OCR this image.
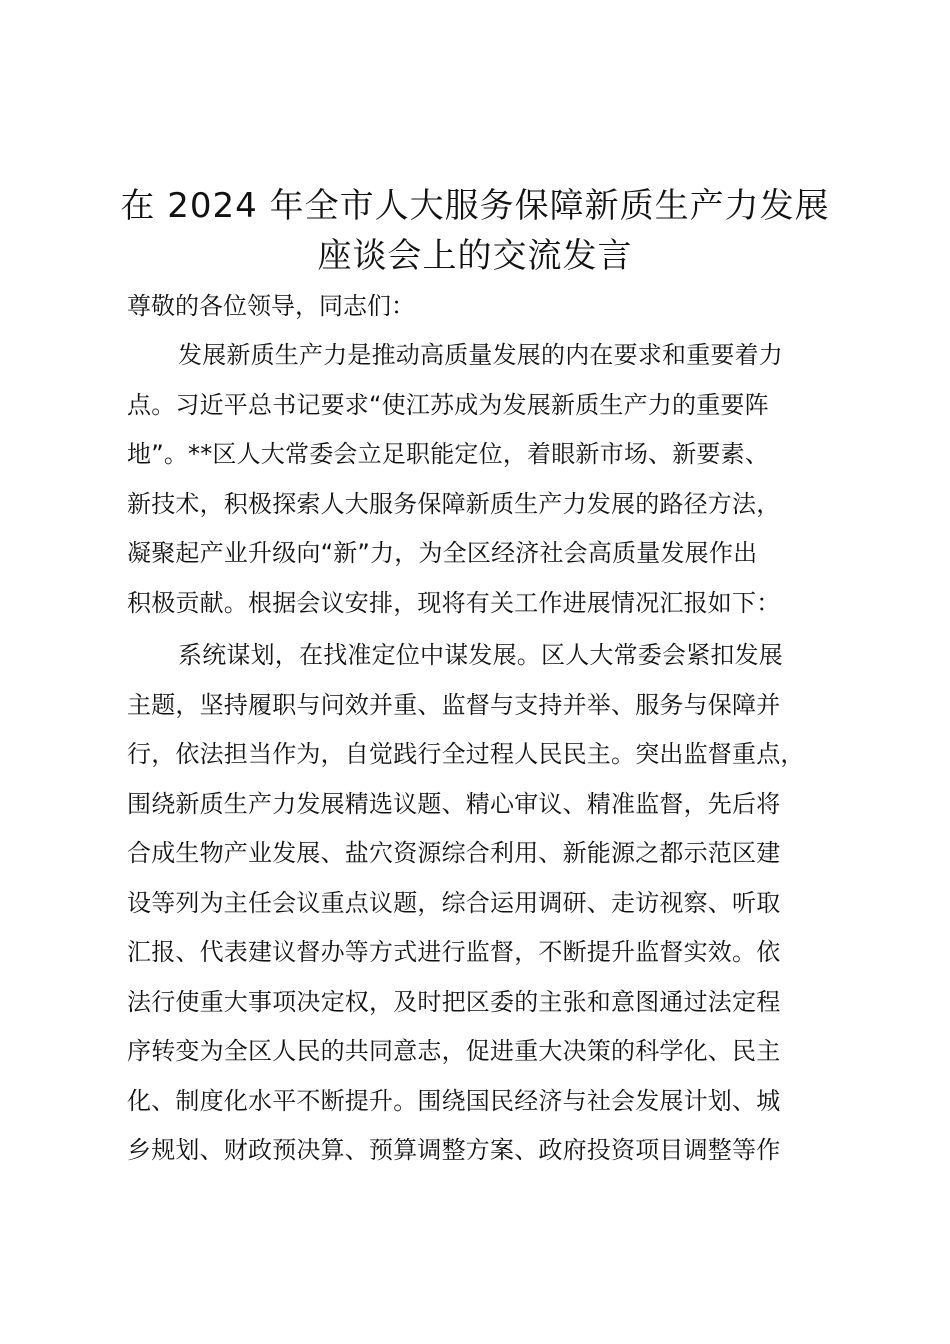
在 2024 年全市人大服务保障新质生产力发展
座谈会上的交流发言
尊敬的各位领导，同志们：
发展新质生产力是推动高质量发展的内在要求和重要着力
点。习近平总书记要求“使江苏成为发展新质生产力的重要阵
地”。**区人大常委会立足职能定位，着眼新市场、新要素、
新技术，积极探索人大服务保障新质生产力发展的路径方法，
凝聚起产业升级向“新”力，为全区经济社会高质量发展作出
积极贡献。根据会议安排，现将有关工作进展情况汇报如下：
系统谋划，在找准定位中谋发展。区人大常委会紧扣发展
主题，坚持履职与问效并重、监督与支持并举、服务与保障并
行，依法担当作为，自觉践行全过程人民民主。突出监督重点，
围绕新质生产力发展精选议题、精心审议、精准监督，先后将
合成生物产业发展、盐穴资源综合利用、新能源之都示范区建
设等列为主任会议重点议题，综合运用调研、走访视察、听取
汇报、代表建议督办等方式进行监督，不断提升监督实效。依
法行使重大事项决定权，及时把区委的主张和意图通过法定程
序转变为全区人民的共同意志，促进重大决策的科学化、民主
化、制度化水平不断提升。围绕国民经济与社会发展计划、城
乡规划、财政预决算、预算调整方案、政府投资项目调整等作
